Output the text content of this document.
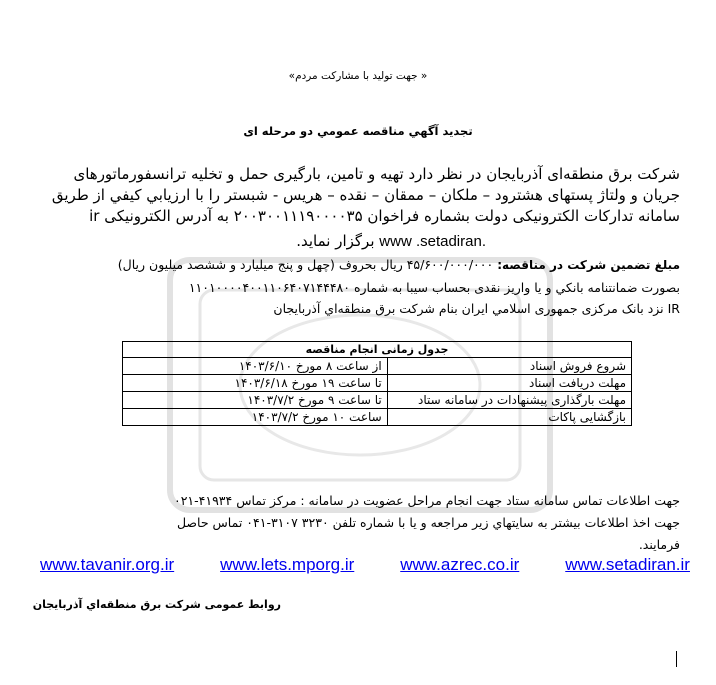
« جهت تولید با مشارکت مردم»
تجدید آگهي مناقصه عمومي دو مرحله ای
شرکت برق منطقه‌ای آذربایجان در نظر دارد تهیه و تامین، بارگیری حمل و تخلیه ترانسفورماتورهای
جریان و ولتاژ پستهای هشترود – ملکان – ممقان – نقده – هریس - شبستر را با ارزیابي کیفي از طریق
سامانه تدارکات الکترونیکی دولت بشماره فراخوان ۲۰۰۳۰۰۱۱۱۹۰۰۰۰۳۵ به آدرس الکترونیکی ir
www .setadiran. برگزار نماید.
مبلغ تضمین شرکت در مناقصه: ۴۵/۶۰۰/۰۰۰/۰۰۰ ریال بحروف (چهل و پنج میلیارد و ششصد میلیون ریال)
بصورت ضمانتنامه بانکي و یا واریز نقدی بحساب سیبا به شماره ۱۱۰۱۰۰۰۰۴۰۰۱۱۰۶۴۰۷۱۴۴۴۸۰
IR نزد بانک مرکزی جمهوری اسلامي ایران بنام شرکت برق منطقه‌اي آذربایجان
جدول زمانی انجام مناقصه	
شروع فروش اسناد	از ساعت ۸ مورخ ۱۴۰۳/۶/۱۰
مهلت دریافت اسناد	تا ساعت ۱۹ مورخ ۱۴۰۳/۶/۱۸
مهلت بارگذاری پیشنهادات در سامانه ستاد	تا ساعت ۹ مورخ ۱۴۰۳/۷/۲
بازگشایی پاکات	ساعت ۱۰ مورخ ۱۴۰۳/۷/۲
جهت اطلاعات تماس سامانه ستاد جهت انجام مراحل عضویت در سامانه : مرکز تماس ۴۱۹۳۴-۰۲۱
جهت اخذ اطلاعات بیشتر به سایتهاي زیر مراجعه و یا با شماره تلفن ۳۲۳۰ ۳۱۰۷-۰۴۱ تماس حاصل
فرمایند.
www.tavanir.org.ir	www.lets.mporg.ir	www.azrec.co.ir	www.setadiran.ir
روابط عمومی شرکت برق منطقه‌اي آذربایجان
